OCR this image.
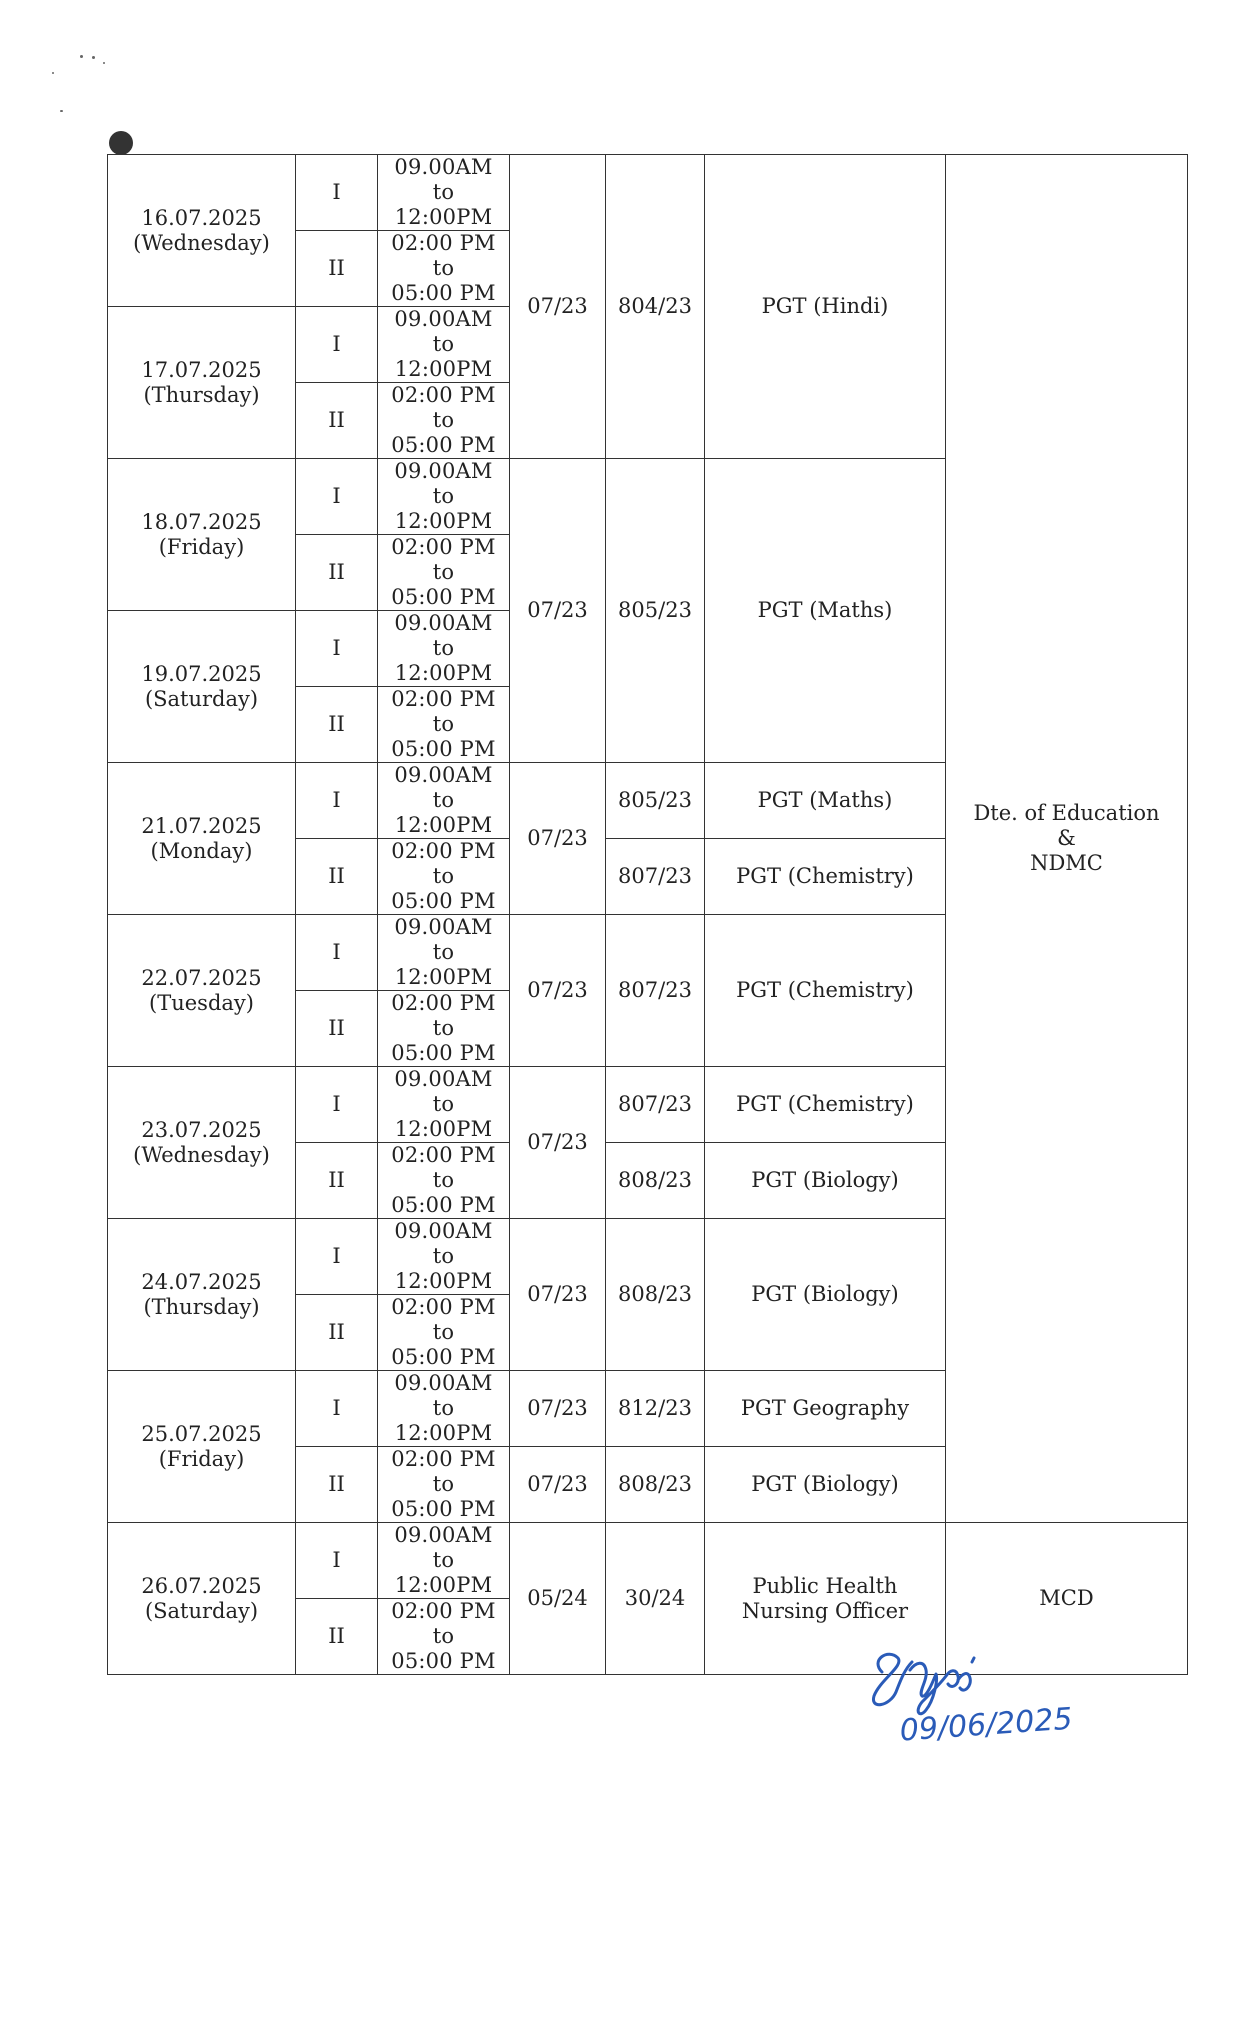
16.07.2025
(Wednesday)	I	09.00AM
to
12:00PM	07/23	804/23	PGT (Hindi)	Dte. of Education
&
NDMC

	II	02:00 PM
to
05:00 PM				

17.07.2025
(Thursday)	I	09.00AM
to
12:00PM				

	II	02:00 PM
to
05:00 PM				

18.07.2025
(Friday)	I	09.00AM
to
12:00PM	07/23	805/23	PGT (Maths)	
	II	02:00 PM
to
05:00 PM				

19.07.2025
(Saturday)	I	09.00AM
to
12:00PM				

	II	02:00 PM
to
05:00 PM				

21.07.2025
(Monday)	I	09.00AM
to
12:00PM	07/23	805/23	PGT (Maths)	
	II	02:00 PM
to
05:00 PM		807/23	PGT (Chemistry)	

22.07.2025
(Tuesday)	I	09.00AM
to
12:00PM	07/23	807/23	PGT (Chemistry)	
	II	02:00 PM
to
05:00 PM				

23.07.2025
(Wednesday)	I	09.00AM
to
12:00PM	07/23	807/23	PGT (Chemistry)	
	II	02:00 PM
to
05:00 PM		808/23	PGT (Biology)	

24.07.2025
(Thursday)	I	09.00AM
to
12:00PM	07/23	808/23	PGT (Biology)	
	II	02:00 PM
to
05:00 PM				

25.07.2025
(Friday)	I	09.00AM
to
12:00PM	07/23	812/23	PGT Geography	
	II	02:00 PM
to
05:00 PM	07/23	808/23	PGT (Biology)	

26.07.2025
(Saturday)	I	09.00AM
to
12:00PM	05/24	30/24	Public Health
Nursing Officer	MCD
	II	02:00 PM
to
05:00 PM				
09/06/2025
